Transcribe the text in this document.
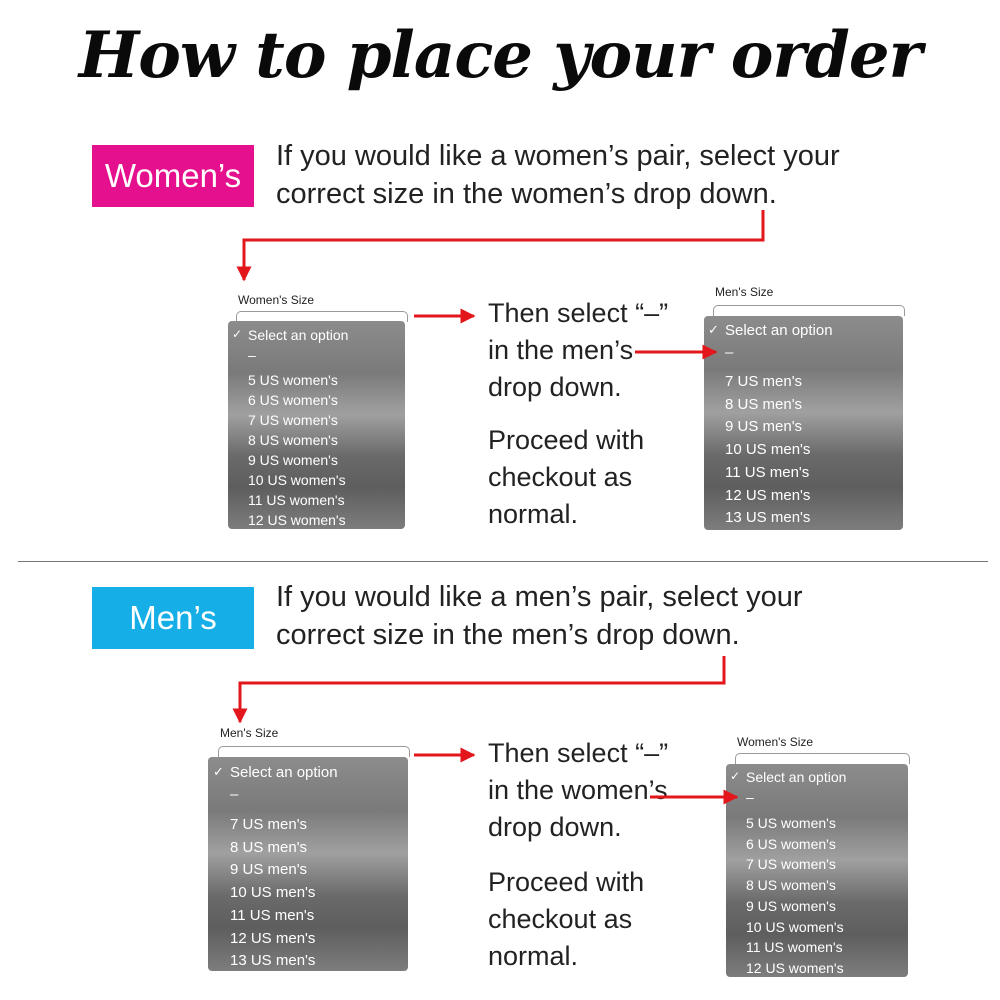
How to place your order
Women’s
If you would like a women’s pair, select your
correct size in the women’s drop down.
Women's Size
✓ Select an option
–
5 US women's
6 US women's
7 US women's
8 US women's
9 US women's
10 US women's
11 US women's
12 US women's
Then select “–”
in the men’s
drop down.
Proceed with
checkout as
normal.
Men's Size
✓ Select an option
–
7 US men's
8 US men's
9 US men's
10 US men's
11 US men's
12 US men's
13 US men's
Men’s
If you would like a men’s pair, select your
correct size in the men’s drop down.
Men's Size
✓ Select an option
–
7 US men's
8 US men's
9 US men's
10 US men's
11 US men's
12 US men's
13 US men's
Then select “–”
in the women’s
drop down.
Proceed with
checkout as
normal.
Women's Size
✓ Select an option
–
5 US women's
6 US women's
7 US women's
8 US women's
9 US women's
10 US women's
11 US women's
12 US women's
